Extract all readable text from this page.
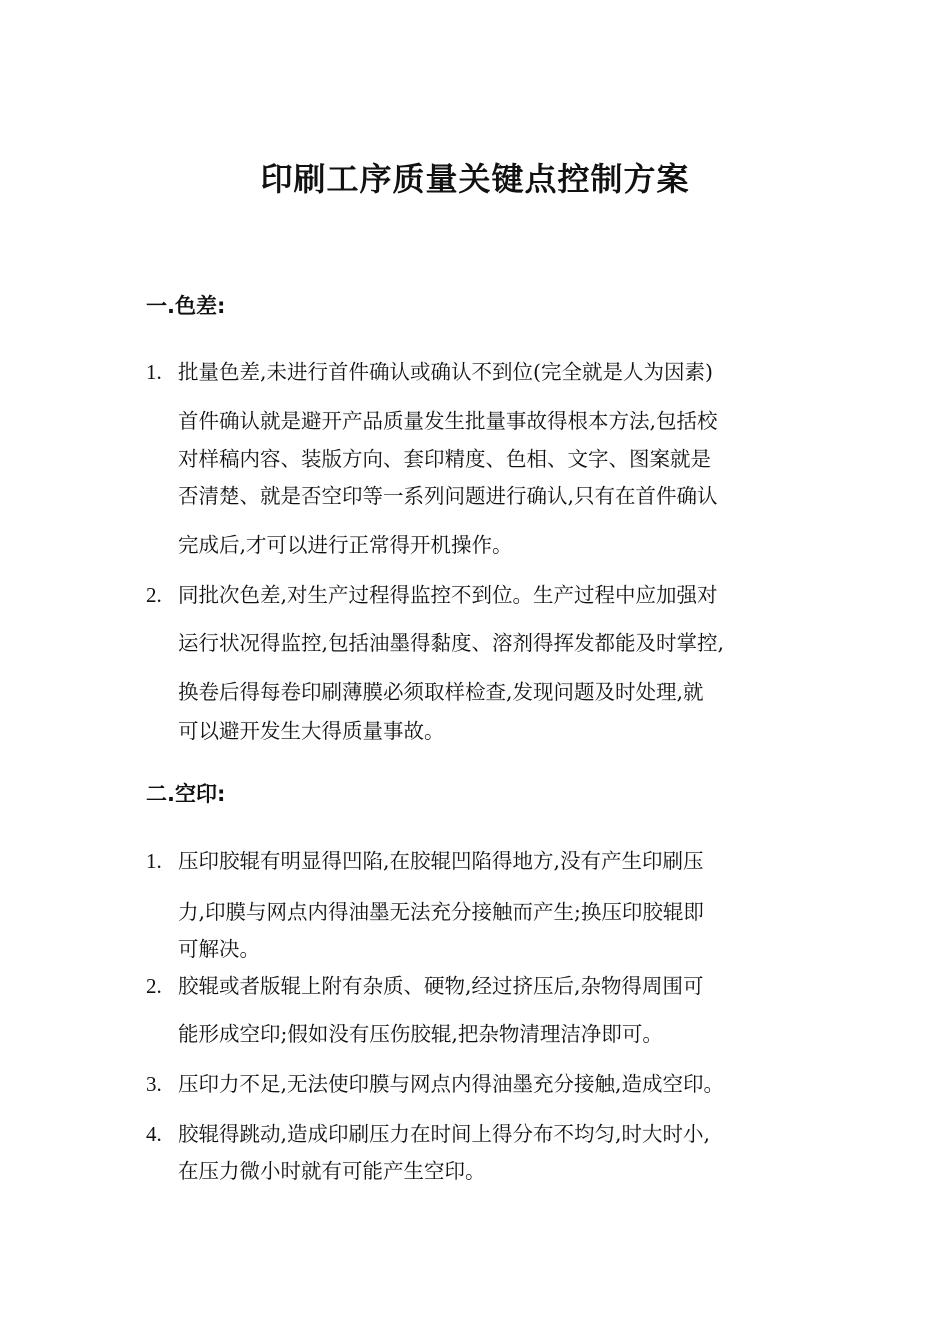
印刷工序质量关键点控制方案
一.色差:
1. 批量色差,未进行首件确认或确认不到位(完全就是人为因素)
首件确认就是避开产品质量发生批量事故得根本方法,包括校
对样稿内容、装版方向、套印精度、色相、文字、图案就是
否清楚、就是否空印等一系列问题进行确认,只有在首件确认
完成后,才可以进行正常得开机操作。
2. 同批次色差,对生产过程得监控不到位。生产过程中应加强对
运行状况得监控,包括油墨得黏度、溶剂得挥发都能及时掌控,
换卷后得每卷印刷薄膜必须取样检查,发现问题及时处理,就
可以避开发生大得质量事故。
二.空印:
1. 压印胶辊有明显得凹陷,在胶辊凹陷得地方,没有产生印刷压
力,印膜与网点内得油墨无法充分接触而产生;换压印胶辊即
可解决。
2. 胶辊或者版辊上附有杂质、硬物,经过挤压后,杂物得周围可
能形成空印;假如没有压伤胶辊,把杂物清理洁净即可。
3. 压印力不足,无法使印膜与网点内得油墨充分接触,造成空印。
4. 胶辊得跳动,造成印刷压力在时间上得分布不均匀,时大时小,
在压力微小时就有可能产生空印。
